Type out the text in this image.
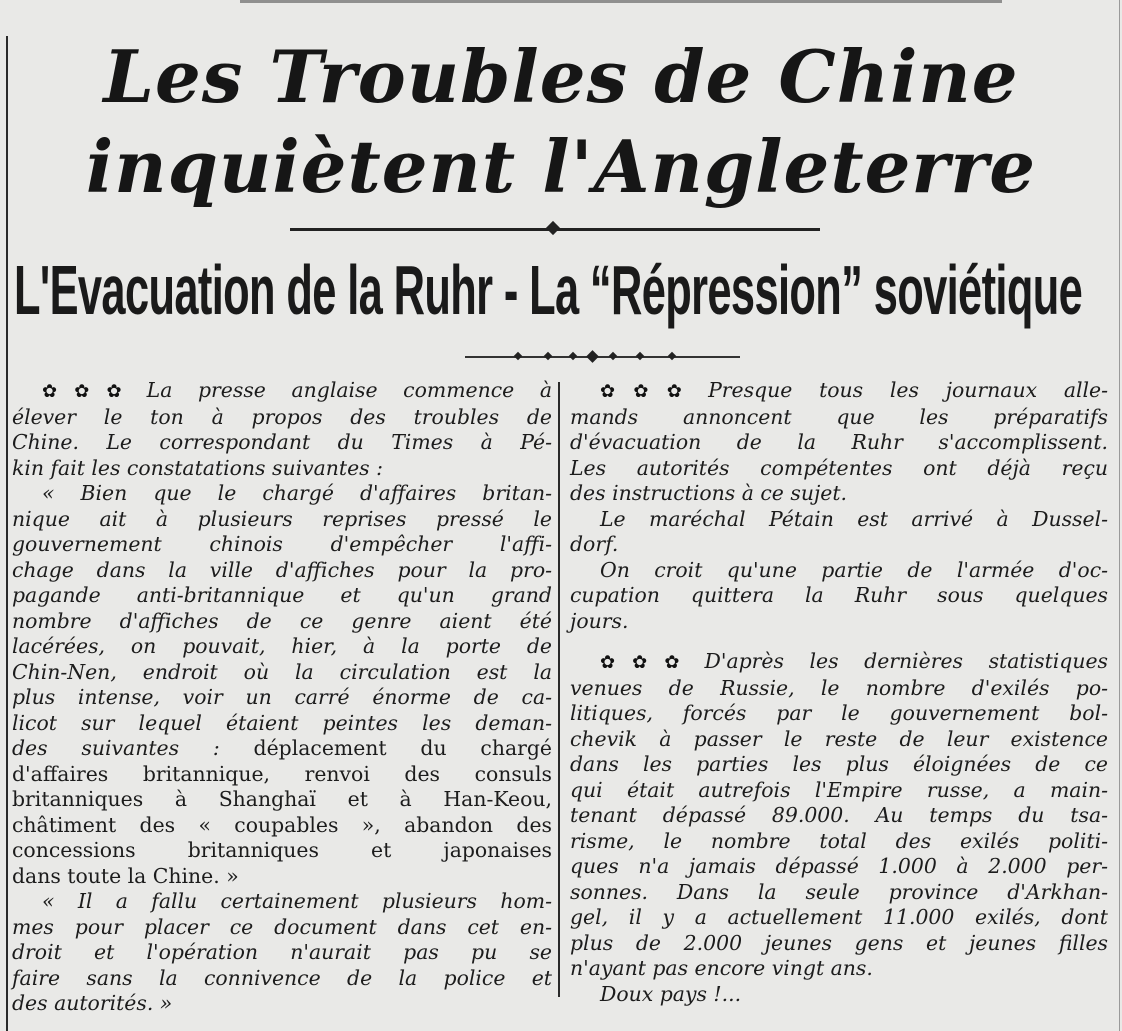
Les Troubles de Chine
inquiètent l'Angleterre
L'Evacuation de la Ruhr - La “Répression” soviétique

✿✿✿ La presse anglaise commence à
élever le ton à propos des troubles de
Chine. Le correspondant du Times à Pé-
kin fait les constatations suivantes :
« Bien que le chargé d'affaires britan-
nique ait à plusieurs reprises pressé le
gouvernement chinois d'empêcher l'affi-
chage dans la ville d'affiches pour la pro-
pagande anti-britannique et qu'un grand
nombre d'affiches de ce genre aient été
lacérées, on pouvait, hier, à la porte de
Chin-Nen, endroit où la circulation est la
plus intense, voir un carré énorme de ca-
licot sur lequel étaient peintes les deman-
des suivantes : déplacement du chargé
d'affaires britannique, renvoi des consuls
britanniques à Shanghaï et à Han-Keou,
châtiment des « coupables », abandon des
concessions britanniques et japonaises
dans toute la Chine. »
« Il a fallu certainement plusieurs hom-
mes pour placer ce document dans cet en-
droit et l'opération n'aurait pas pu se
faire sans la connivence de la police et
des autorités. »

✿✿✿ Presque tous les journaux alle-
mands annoncent que les préparatifs
d'évacuation de la Ruhr s'accomplissent.
Les autorités compétentes ont déjà reçu
des instructions à ce sujet.

Le maréchal Pétain est arrivé à Dussel-
dorf.

On croit qu'une partie de l'armée d'oc-
cupation quittera la Ruhr sous quelques
jours.

✿✿✿ D'après les dernières statistiques
venues de Russie, le nombre d'exilés po-
litiques, forcés par le gouvernement bol-
chevik à passer le reste de leur existence
dans les parties les plus éloignées de ce
qui était autrefois l'Empire russe, a main-
tenant dépassé 89.000. Au temps du tsa-
risme, le nombre total des exilés politi-
ques n'a jamais dépassé 1.000 à 2.000 per-
sonnes. Dans la seule province d'Arkhan-
gel, il y a actuellement 11.000 exilés, dont
plus de 2.000 jeunes gens et jeunes filles
n'ayant pas encore vingt ans.

Doux pays !...
